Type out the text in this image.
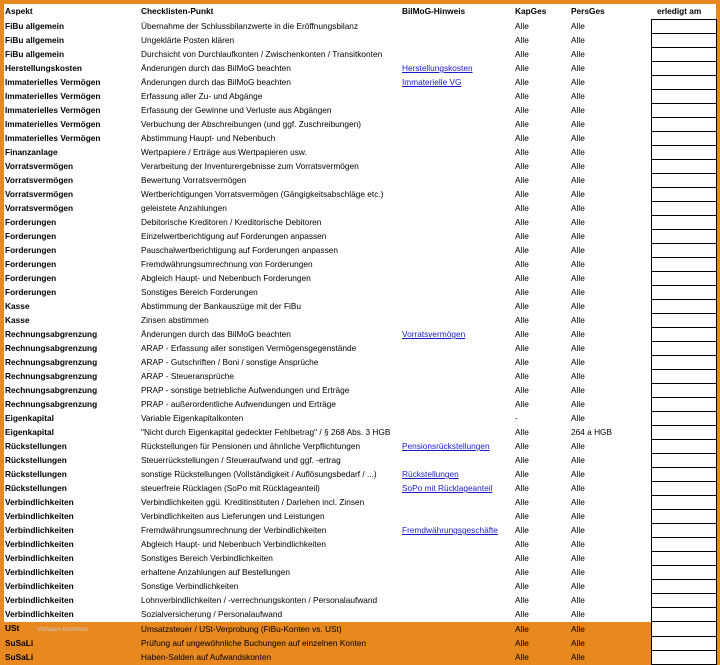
Aspekt	Checklisten-Punkt	BilMoG-Hinweis	KapGes	PersGes	erledigt am
FiBu allgemein	Übernahme der Schlussbilanzwerte in die Eröffnungsbilanz		Alle	Alle	
FiBu allgemein	Ungeklärte Posten klären		Alle	Alle	
FiBu allgemein	Durchsicht von Durchlaufkonten / Zwischenkonten / Transitkonten		Alle	Alle	
Herstellungskosten	Änderungen durch das BilMoG beachten	Herstellungskosten	Alle	Alle	
Immaterielles Vermögen	Änderungen durch das BilMoG beachten	Immaterielle VG	Alle	Alle	
Immaterielles Vermögen	Erfassung aller Zu- und Abgänge		Alle	Alle	
Immaterielles Vermögen	Erfassung der Gewinne und Verluste aus Abgängen		Alle	Alle	
Immaterielles Vermögen	Verbuchung der Abschreibungen (und ggf. Zuschreibungen)		Alle	Alle	
Immaterielles Vermögen	Abstimmung Haupt- und Nebenbuch		Alle	Alle	
Finanzanlage	Wertpapiere / Erträge aus Wertpapieren usw.		Alle	Alle	
Vorratsvermögen	Verarbeitung der Inventurergebnisse zum Vorratsvermögen		Alle	Alle	
Vorratsvermögen	Bewertung Vorratsvermögen		Alle	Alle	
Vorratsvermögen	Wertberichtigungen Vorratsvermögen (Gängigkeitsabschläge etc.)		Alle	Alle	
Vorratsvermögen	geleistete Anzahlungen		Alle	Alle	
Forderungen	Debitorische Kreditoren / Kreditorische Debitoren		Alle	Alle	
Forderungen	Einzelwertberichtigung auf Forderungen anpassen		Alle	Alle	
Forderungen	Pauschalwertberichtigung auf Forderungen anpassen		Alle	Alle	
Forderungen	Fremdwährungsumrechnung von Forderungen		Alle	Alle	
Forderungen	Abgleich Haupt- und Nebenbuch Forderungen		Alle	Alle	
Forderungen	Sonstiges Bereich Forderungen		Alle	Alle	
Kasse	Abstimmung der Bankauszüge mit der FiBu		Alle	Alle	
Kasse	Zinsen abstimmen		Alle	Alle	
Rechnungsabgrenzung	Änderungen durch das BilMoG beachten	Vorratsvermögen	Alle	Alle	
Rechnungsabgrenzung	ARAP - Erfassung aller sonstigen Vermögensgegenstände		Alle	Alle	
Rechnungsabgrenzung	ARAP - Gutschriften / Boni / sonstige Ansprüche		Alle	Alle	
Rechnungsabgrenzung	ARAP - Steueransprüche		Alle	Alle	
Rechnungsabgrenzung	PRAP - sonstige betriebliche Aufwendungen und Erträge		Alle	Alle	
Rechnungsabgrenzung	PRAP - außerordentliche Aufwendungen und Erträge		Alle	Alle	
Eigenkapital	Variable Eigenkapitalkonten		-	Alle	
Eigenkapital	"Nicht durch Eigenkapital gedeckter Fehlbetrag" / § 268 Abs. 3 HGB		Alle	264 a HGB	
Rückstellungen	Rückstellungen für Pensionen und ähnliche Verpflichtungen	Pensionsrückstellungen	Alle	Alle	
Rückstellungen	Steuerrückstellungen / Steueraufwand und ggf. -ertrag		Alle	Alle	
Rückstellungen	sonstige Rückstellungen (Vollständigkeit / Auflösungsbedarf / ...)	Rückstellungen	Alle	Alle	
Rückstellungen	steuerfreie Rücklagen (SoPo mit Rücklageanteil)	SoPo mit Rücklageanteil	Alle	Alle	
Verbindlichkeiten	Verbindlichkeiten ggü. Kreditinstituten / Darlehen incl. Zinsen		Alle	Alle	
Verbindlichkeiten	Verbindlichkeiten aus Lieferungen und Leistungen		Alle	Alle	
Verbindlichkeiten	Fremdwährungsumrechnung der Verbindlichkeiten	Fremdwährungsgeschäfte	Alle	Alle	
Verbindlichkeiten	Abgleich Haupt- und Nebenbuch Verbindlichkeiten		Alle	Alle	
Verbindlichkeiten	Sonstiges Bereich Verbindlichkeiten		Alle	Alle	
Verbindlichkeiten	erhaltene Anzahlungen auf Bestellungen		Alle	Alle	
Verbindlichkeiten	Sonstige Verbindlichkeiten		Alle	Alle	
Verbindlichkeiten	Lohnverbindlichkeiten / -verrechnungskonten / Personalaufwand		Alle	Alle	
Verbindlichkeiten	Sozialversicherung / Personalaufwand		Alle	Alle	
USt Vorlagen kostenlos	Umsatzsteuer / USt-Verprobung (FiBu-Konten vs. USt)		Alle	Alle	
SuSaLi	Prüfung auf ungewöhnliche Buchungen auf einzelnen Konten		Alle	Alle	
SuSaLi	Haben-Salden auf Aufwandskonten		Alle	Alle	
